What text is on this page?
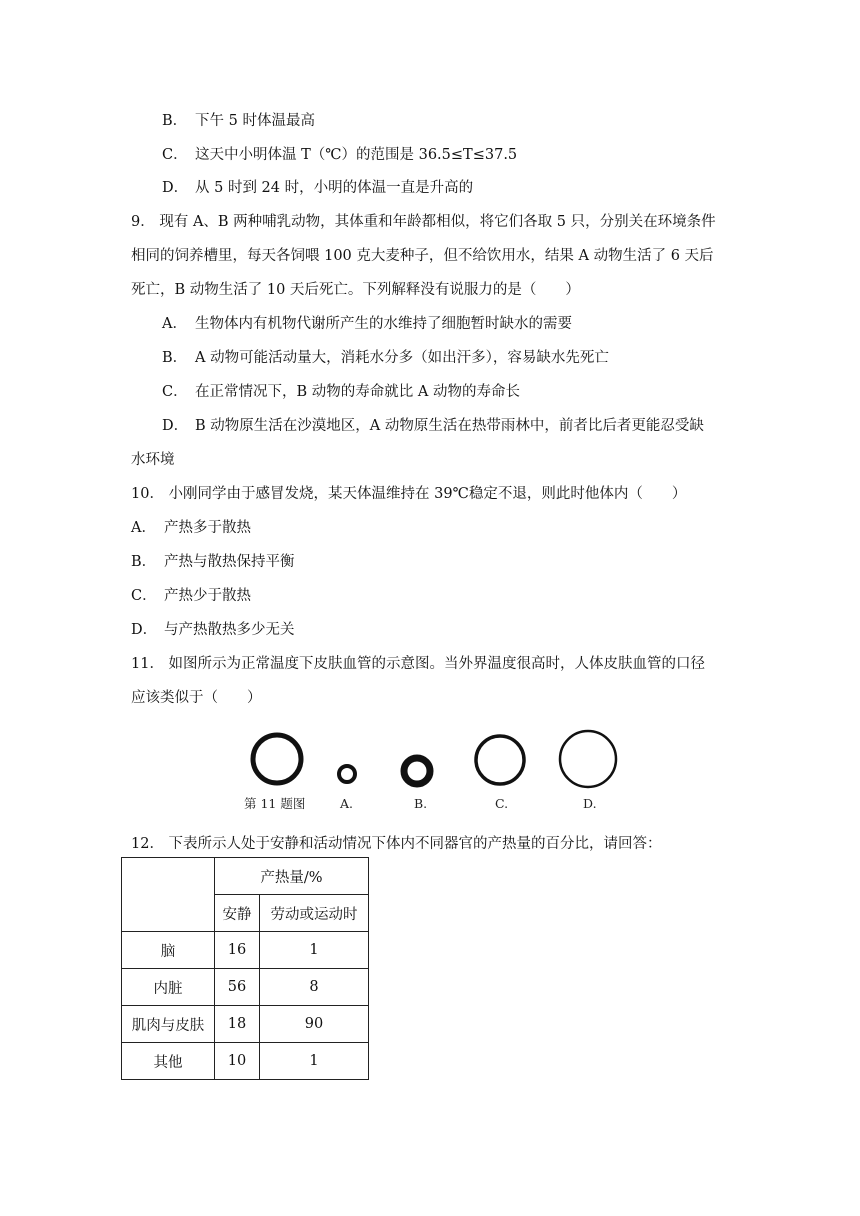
B． 下午 5 时体温最高
C． 这天中小明体温 T（℃）的范围是 36.5≤T≤37.5
D． 从 5 时到 24 时，小明的体温一直是升高的
9． 现有 A、B 两种哺乳动物，其体重和年龄都相似，将它们各取 5 只，分别关在环境条件
相同的饲养槽里，每天各饲喂 100 克大麦种子，但不给饮用水，结果 A 动物生活了 6 天后
死亡，B 动物生活了 10 天后死亡。下列解释没有说服力的是（　　）
A． 生物体内有机物代谢所产生的水维持了细胞暂时缺水的需要
B． A 动物可能活动量大，消耗水分多（如出汗多），容易缺水先死亡
C． 在正常情况下，B 动物的寿命就比 A 动物的寿命长
D． B 动物原生活在沙漠地区，A 动物原生活在热带雨林中，前者比后者更能忍受缺
水环境
10． 小刚同学由于感冒发烧，某天体温维持在 39℃稳定不退，则此时他体内（　　）
A． 产热多于散热
B． 产热与散热保持平衡
C． 产热少于散热
D． 与产热散热多少无关
11． 如图所示为正常温度下皮肤血管的示意图。当外界温度很高时，人体皮肤血管的口径
应该类似于（　　）
第 11 题图	A.	B.	C.	D.
12． 下表所示人处于安静和活动情况下体内不同器官的产热量的百分比，请回答：
	产热量/%	
	安静	劳动或运动时
脑	16	1
内脏	56	8
肌肉与皮肤	18	90
其他	10	1
